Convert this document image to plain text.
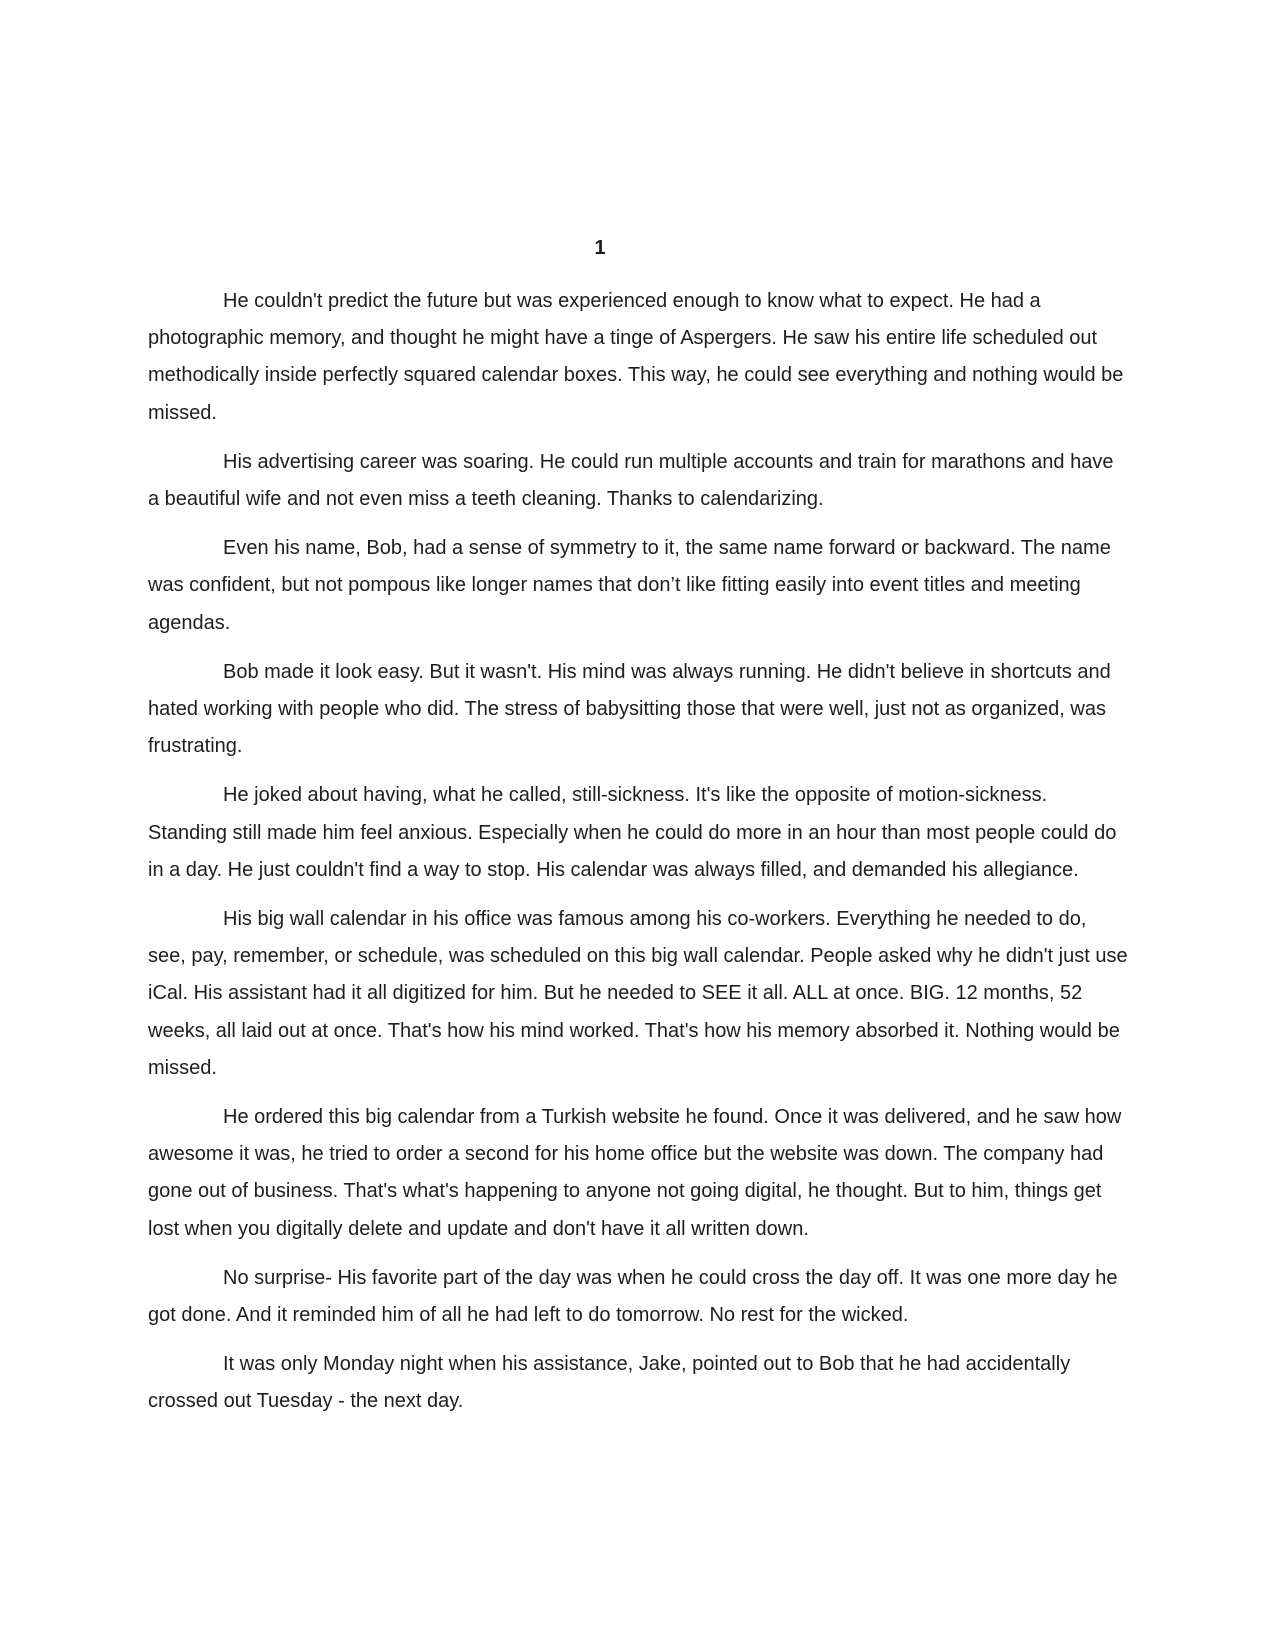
1

He couldn't predict the future but was experienced enough to know what to expect. He had a photographic memory, and thought he might have a tinge of Aspergers. He saw his entire life scheduled out methodically inside perfectly squared calendar boxes. This way, he could see everything and nothing would be missed.

His advertising career was soaring. He could run multiple accounts and train for marathons and have a beautiful wife and not even miss a teeth cleaning. Thanks to calendarizing.

Even his name, Bob, had a sense of symmetry to it, the same name forward or backward. The name was confident, but not pompous like longer names that don’t like fitting easily into event titles and meeting agendas.

Bob made it look easy. But it wasn't. His mind was always running. He didn't believe in shortcuts and hated working with people who did. The stress of babysitting those that were well, just not as organized, was frustrating.

He joked about having, what he called, still-sickness. It's like the opposite of motion-sickness. Standing still made him feel anxious. Especially when he could do more in an hour than most people could do in a day. He just couldn't find a way to stop. His calendar was always filled, and demanded his allegiance.

His big wall calendar in his office was famous among his co-workers. Everything he needed to do, see, pay, remember, or schedule, was scheduled on this big wall calendar. People asked why he didn't just use iCal. His assistant had it all digitized for him. But he needed to SEE it all. ALL at once. BIG. 12 months, 52 weeks, all laid out at once. That's how his mind worked. That's how his memory absorbed it. Nothing would be missed.

He ordered this big calendar from a Turkish website he found. Once it was delivered, and he saw how awesome it was, he tried to order a second for his home office but the website was down. The company had gone out of business. That's what's happening to anyone not going digital, he thought. But to him, things get lost when you digitally delete and update and don't have it all written down.

No surprise- His favorite part of the day was when he could cross the day off. It was one more day he got done. And it reminded him of all he had left to do tomorrow. No rest for the wicked.

It was only Monday night when his assistance, Jake, pointed out to Bob that he had accidentally crossed out Tuesday - the next day.
